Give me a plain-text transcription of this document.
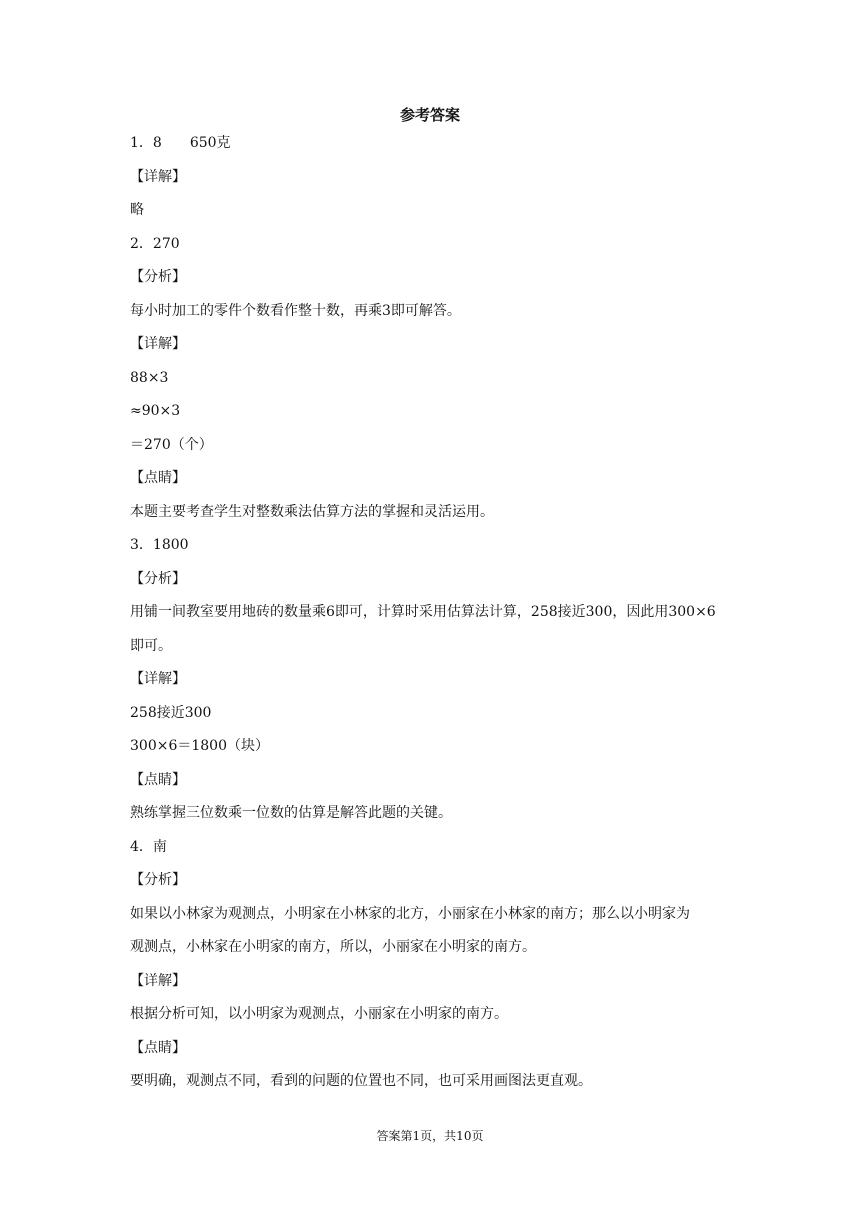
参考答案
1．8　　650克
【详解】
略
2．270
【分析】
每小时加工的零件个数看作整十数，再乘3即可解答。
【详解】
88×3
≈90×3
＝270（个）
【点睛】
本题主要考查学生对整数乘法估算方法的掌握和灵活运用。
3．1800
【分析】
用铺一间教室要用地砖的数量乘6即可，计算时采用估算法计算，258接近300，因此用300×6
即可。
【详解】
258接近300
300×6＝1800（块）
【点睛】
熟练掌握三位数乘一位数的估算是解答此题的关键。
4．南
【分析】
如果以小林家为观测点，小明家在小林家的北方，小丽家在小林家的南方；那么以小明家为
观测点，小林家在小明家的南方，所以，小丽家在小明家的南方。
【详解】
根据分析可知，以小明家为观测点，小丽家在小明家的南方。
【点睛】
要明确，观测点不同，看到的问题的位置也不同，也可采用画图法更直观。
答案第1页，共10页
